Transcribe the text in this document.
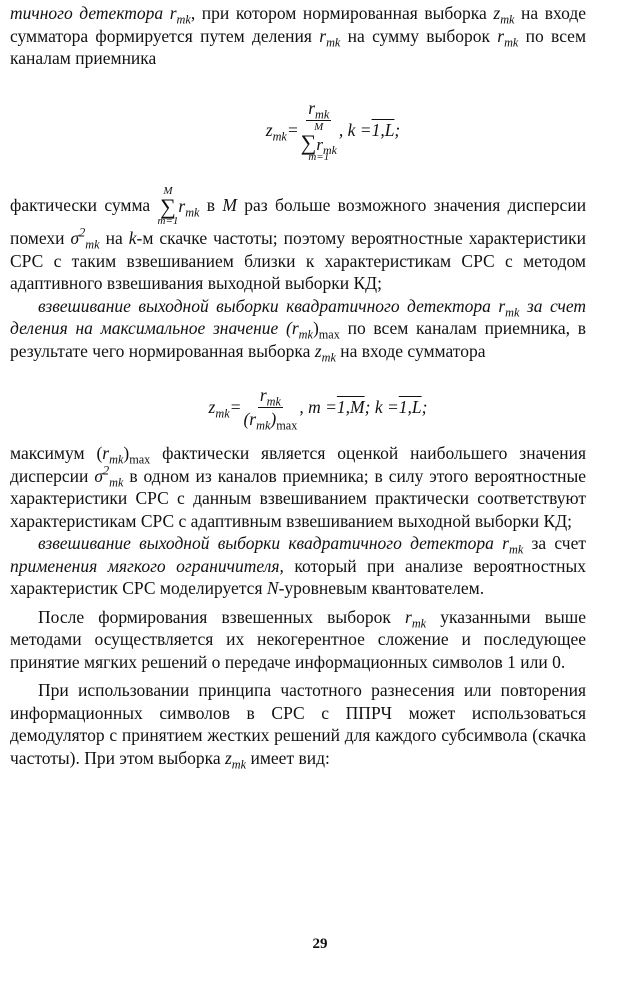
тичного детектора $r_{mk}$, при котором нормированная выборка $z_{mk}$ на входе сумматора формируется путем деления $r_{mk}$ на сумму выборок $r_{mk}$ по всем каналам приемника

$z_{mk} = r_{mk}$
M
$\sum r_{mk}$
m=1 ,
k = 1,L ;

фактически сумма
M
∑
m=1
$r_{mk}$ в M раз больше возможного значения дисперсии помехи $\sigma^2_{mk}$ на k-м скачке частоты; поэтому вероятностные характеристики СРС с таким взвешиванием близки к характеристикам СРС с методом адаптивного взвешивания выходной выборки КД;

взвешивание выходной выборки квадратичного детектора $r_{mk}$ за счет деления на максимальное значение $(r_{mk})_{max}$ по всем каналам приемника, в результате чего нормированная выборка $z_{mk}$ на входе сумматора

$z_{mk} = \frac{r_{mk}}{(r_{mk})_{max}}$ ,
m = 1,M ;
k = 1,L ;

максимум $(r_{mk})_{max}$ фактически является оценкой наибольшего значения дисперсии $\sigma^2_{mk}$ в одном из каналов приемника; в силу этого вероятностные характеристики СРС с данным взвешиванием практически соответствуют характеристикам СРС с адаптивным взвешиванием выходной выборки КД;

взвешивание выходной выборки квадратичного детектора $r_{mk}$ за счет применения мягкого ограничителя, который при анализе вероятностных характеристик СРС моделируется N-уровневым квантователем.

После формирования взвешенных выборок $r_{mk}$ указанными выше методами осуществляется их некогерентное сложение и последующее принятие мягких решений о передаче информационных символов 1 или 0.

При использовании принципа частотного разнесения или повторения информационных символов в СРС с ППРЧ может использоваться демодулятор с принятием жестких решений для каждого субсимвола (скачка частоты). При этом выборка $z_{mk}$ имеет вид:

29
